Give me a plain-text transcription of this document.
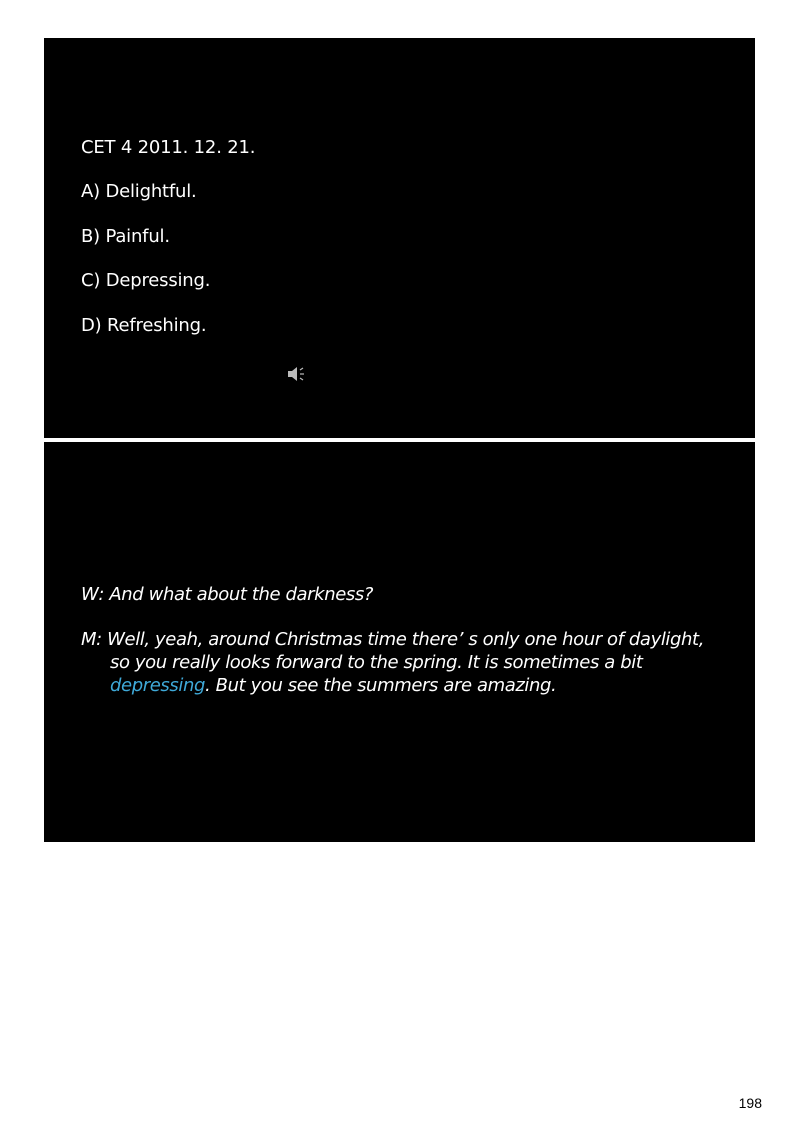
CET 4 2011. 12. 21.
A) Delightful.
B) Painful.
C) Depressing.
D) Refreshing.
W: And what about the darkness?
M: Well, yeah, around Christmas time there’ s only one hour of daylight,
so you really looks forward to the spring. It is sometimes a bit
depressing. But you see the summers are amazing.
198
